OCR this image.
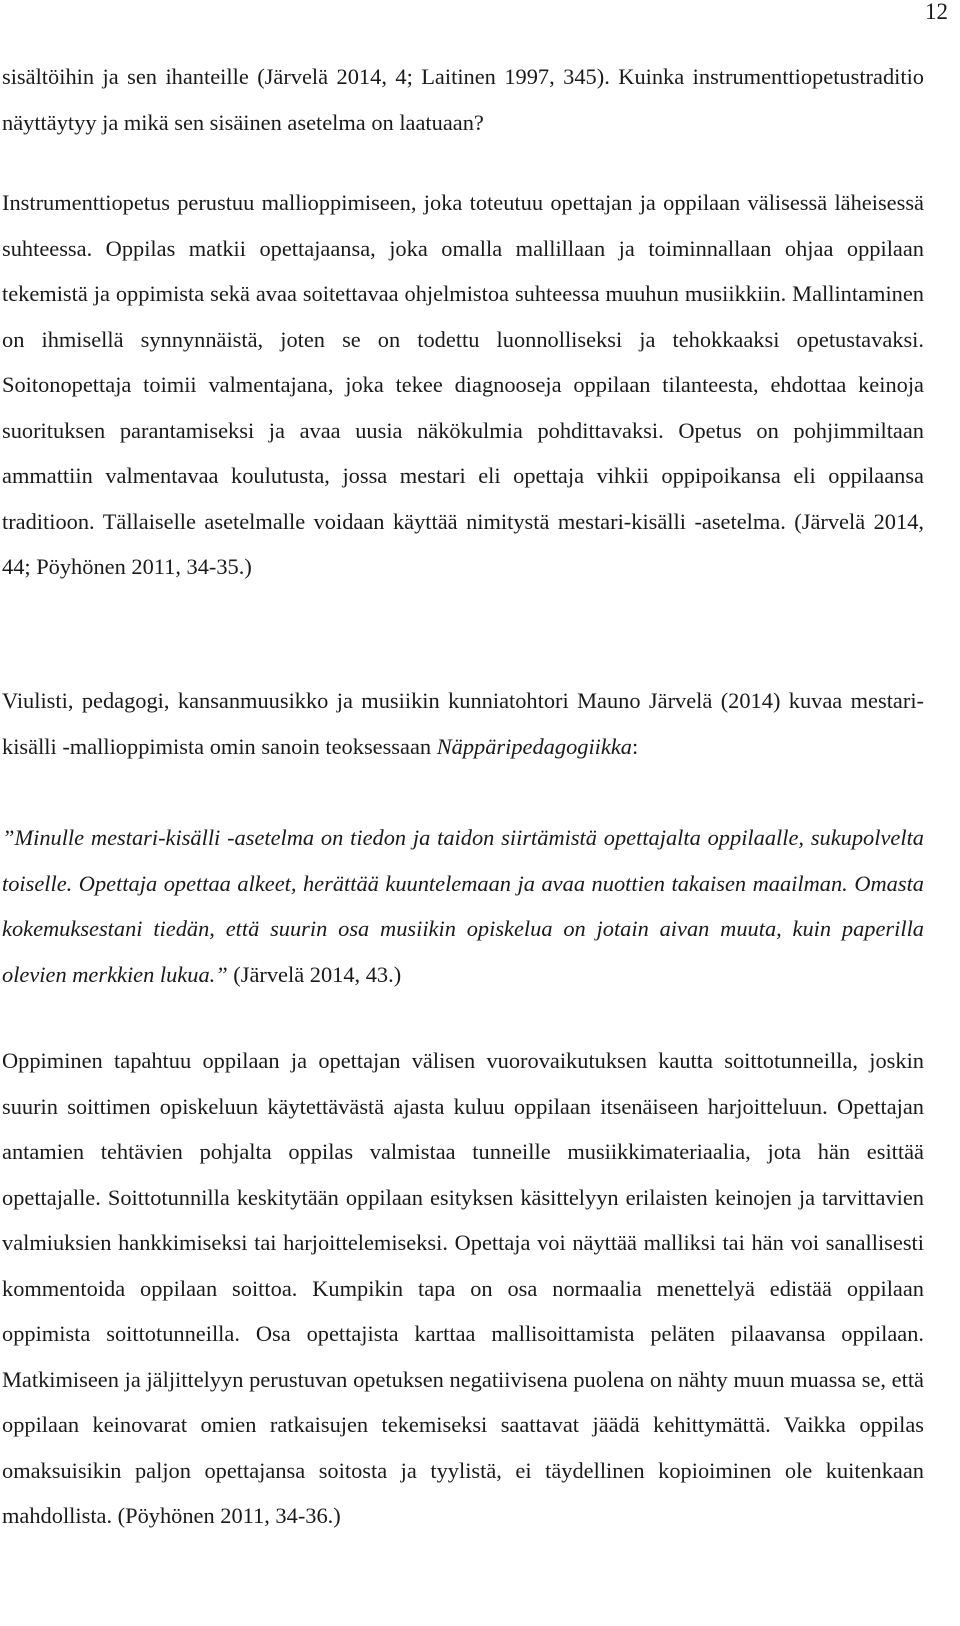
12

sisältöihin ja sen ihanteille (Järvelä 2014, 4; Laitinen 1997, 345). Kuinka instrumenttiopetustraditio näyttäytyy ja mikä sen sisäinen asetelma on laatuaan?

Instrumenttiopetus perustuu mallioppimiseen, joka toteutuu opettajan ja oppilaan välisessä läheisessä suhteessa. Oppilas matkii opettajaansa, joka omalla mallillaan ja toiminnallaan ohjaa oppilaan tekemistä ja oppimista sekä avaa soitettavaa ohjelmistoa suhteessa muuhun musiikkiin. Mallintaminen on ihmisellä synnynnäistä, joten se on todettu luonnolliseksi ja tehokkaaksi opetustavaksi. Soitonopettaja toimii valmentajana, joka tekee diagnooseja oppilaan tilanteesta, ehdottaa keinoja suorituksen parantamiseksi ja avaa uusia näkökulmia pohdittavaksi. Opetus on pohjimmiltaan ammattiin valmentavaa koulutusta, jossa mestari eli opettaja vihkii oppipoikansa eli oppilaansa traditioon. Tällaiselle asetelmalle voidaan käyttää nimitystä mestari-kisälli -asetelma. (Järvelä 2014, 44; Pöyhönen 2011, 34-35.)

Viulisti, pedagogi, kansanmuusikko ja musiikin kunniatohtori Mauno Järvelä (2014) kuvaa mestari-kisälli -mallioppimista omin sanoin teoksessaan Näppäripedagogiikka:

”Minulle mestari-kisälli -asetelma on tiedon ja taidon siirtämistä opettajalta oppilaalle, sukupolvelta toiselle. Opettaja opettaa alkeet, herättää kuuntelemaan ja avaa nuottien takaisen maailman. Omasta kokemuksestani tiedän, että suurin osa musiikin opiskelua on jotain aivan muuta, kuin paperilla olevien merkkien lukua.” (Järvelä 2014, 43.)

Oppiminen tapahtuu oppilaan ja opettajan välisen vuorovaikutuksen kautta soittotunneilla, joskin suurin soittimen opiskeluun käytettävästä ajasta kuluu oppilaan itsenäiseen harjoitteluun. Opettajan antamien tehtävien pohjalta oppilas valmistaa tunneille musiikkimateriaalia, jota hän esittää opettajalle. Soittotunnilla keskitytään oppilaan esityksen käsittelyyn erilaisten keinojen ja tarvittavien valmiuksien hankkimiseksi tai harjoittelemiseksi. Opettaja voi näyttää malliksi tai hän voi sanallisesti kommentoida oppilaan soittoa. Kumpikin tapa on osa normaalia menettelyä edistää oppilaan oppimista soittotunneilla. Osa opettajista karttaa mallisoittamista peläten pilaavansa oppilaan. Matkimiseen ja jäljittelyyn perustuvan opetuksen negatiivisena puolena on nähty muun muassa se, että oppilaan keinovarat omien ratkaisujen tekemiseksi saattavat jäädä kehittymättä. Vaikka oppilas omaksuisikin paljon opettajansa soitosta ja tyylistä, ei täydellinen kopioiminen ole kuitenkaan mahdollista. (Pöyhönen 2011, 34-36.)
